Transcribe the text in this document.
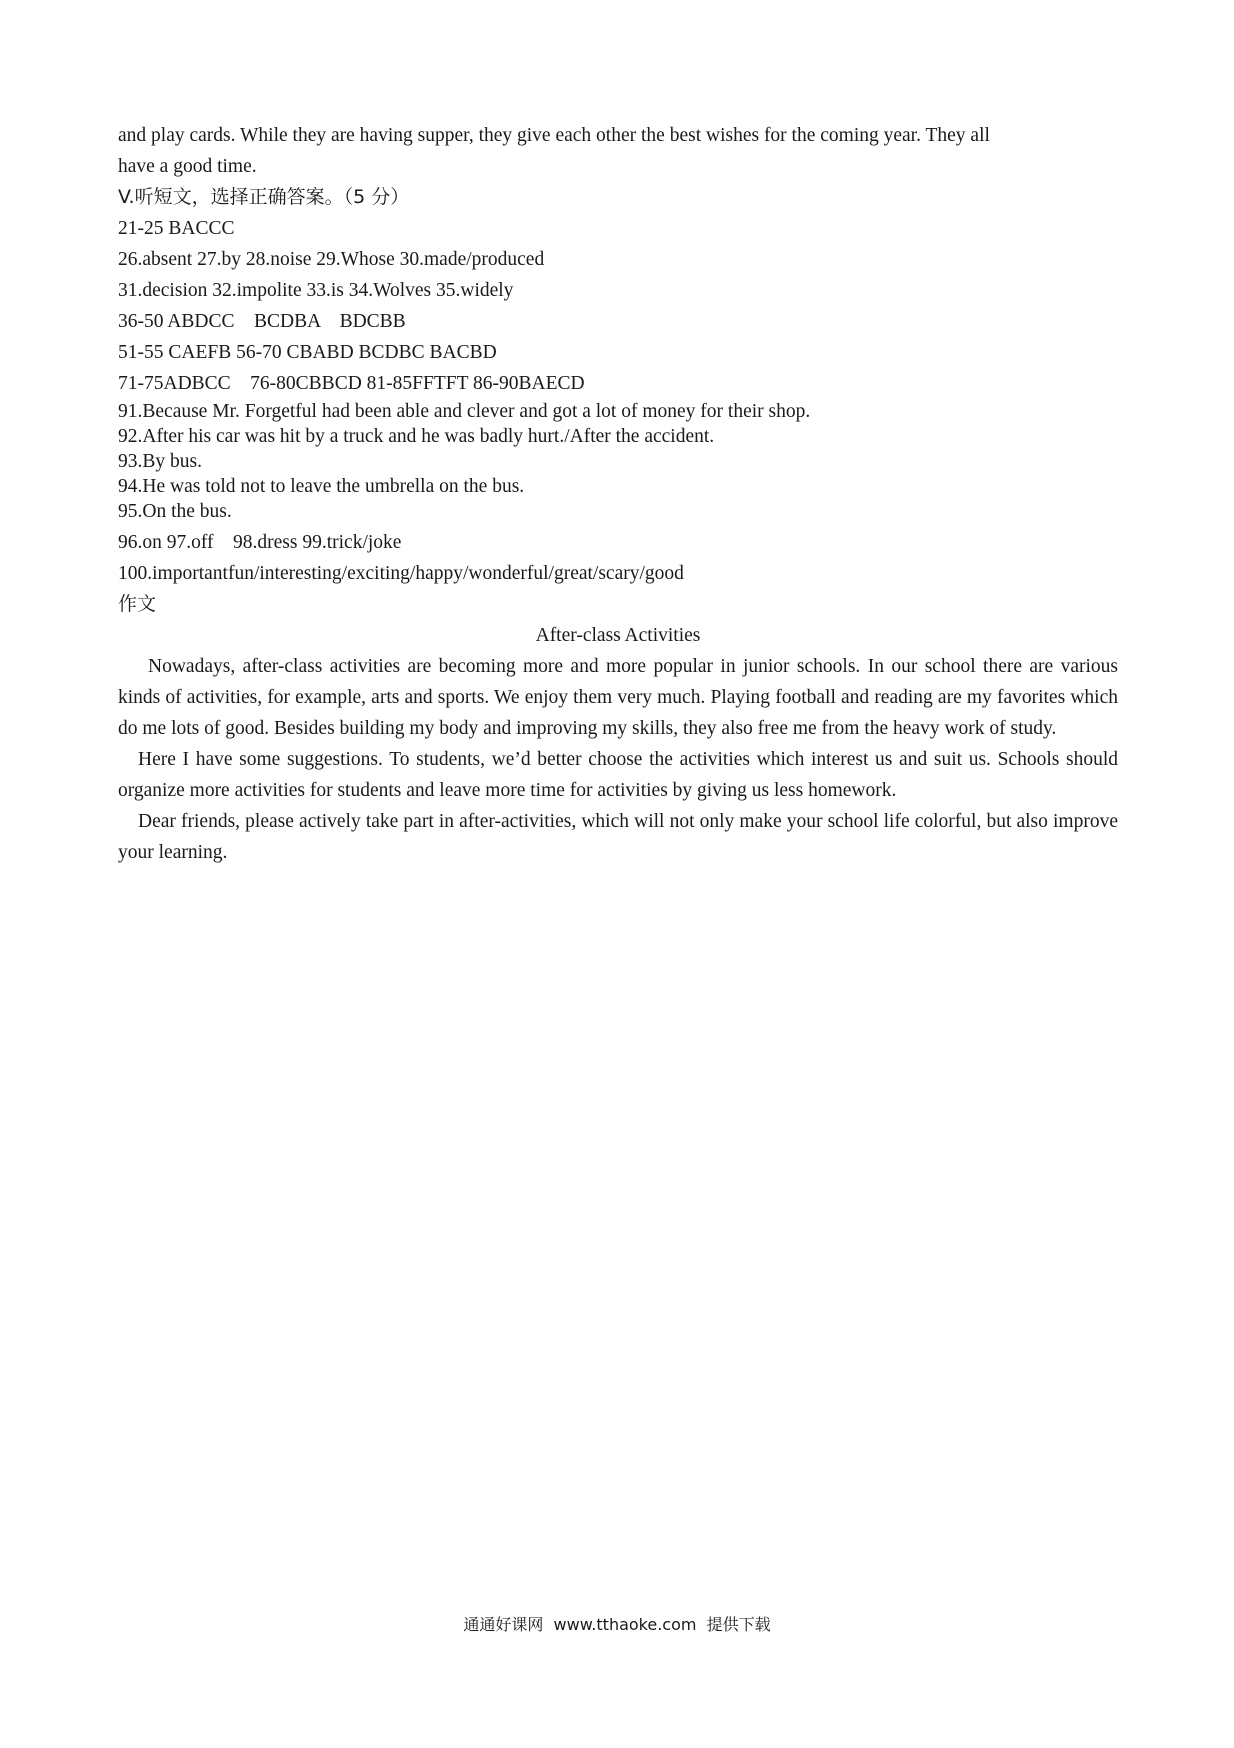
and play cards. While they are having supper, they give each other the best wishes for the coming year. They all
have a good time.
V.听短文，选择正确答案。（5 分）
21-25 BACCC
26.absent 27.by 28.noise 29.Whose 30.made/produced
31.decision 32.impolite 33.is 34.Wolves 35.widely
36-50 ABDCC    BCDBA    BDCBB
51-55 CAEFB 56-70 CBABD BCDBC BACBD
71-75ADBCC    76-80CBBCD 81-85FFTFT 86-90BAECD
91.Because Mr. Forgetful had been able and clever and got a lot of money for their shop.
92.After his car was hit by a truck and he was badly hurt./After the accident.
93.By bus.
94.He was told not to leave the umbrella on the bus.
95.On the bus.
96.on 97.off    98.dress 99.trick/joke
100.importantfun/interesting/exciting/happy/wonderful/great/scary/good
作文
After-class Activities
Nowadays, after-class activities are becoming more and more popular in junior schools. In our school there are various kinds of activities, for example, arts and sports. We enjoy them very much. Playing football and reading are my favorites which do me lots of good. Besides building my body and improving my skills, they also free me from the heavy work of study.
Here I have some suggestions. To students, we’d better choose the activities which interest us and suit us. Schools should organize more activities for students and leave more time for activities by giving us less homework.
Dear friends, please actively take part in after-activities, which will not only make your school life colorful, but also improve your learning.
通通好课网  www.tthaoke.com  提供下载
